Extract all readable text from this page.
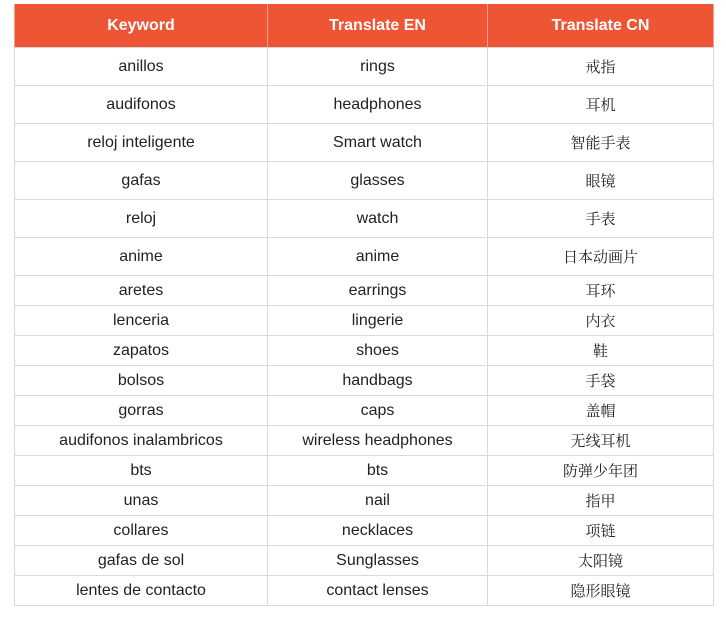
Keyword	Translate EN	Translate CN
anillos	rings	戒指
audifonos	headphones	耳机
reloj inteligente	Smart watch	智能手表
gafas	glasses	眼镜
reloj	watch	手表
anime	anime	日本动画片
aretes	earrings	耳环
lenceria	lingerie	内衣
zapatos	shoes	鞋
bolsos	handbags	手袋
gorras	caps	盖帽
audifonos inalambricos	wireless headphones	无线耳机
bts	bts	防弹少年团
unas	nail	指甲
collares	necklaces	项链
gafas de sol	Sunglasses	太阳镜
lentes de contacto	contact lenses	隐形眼镜
